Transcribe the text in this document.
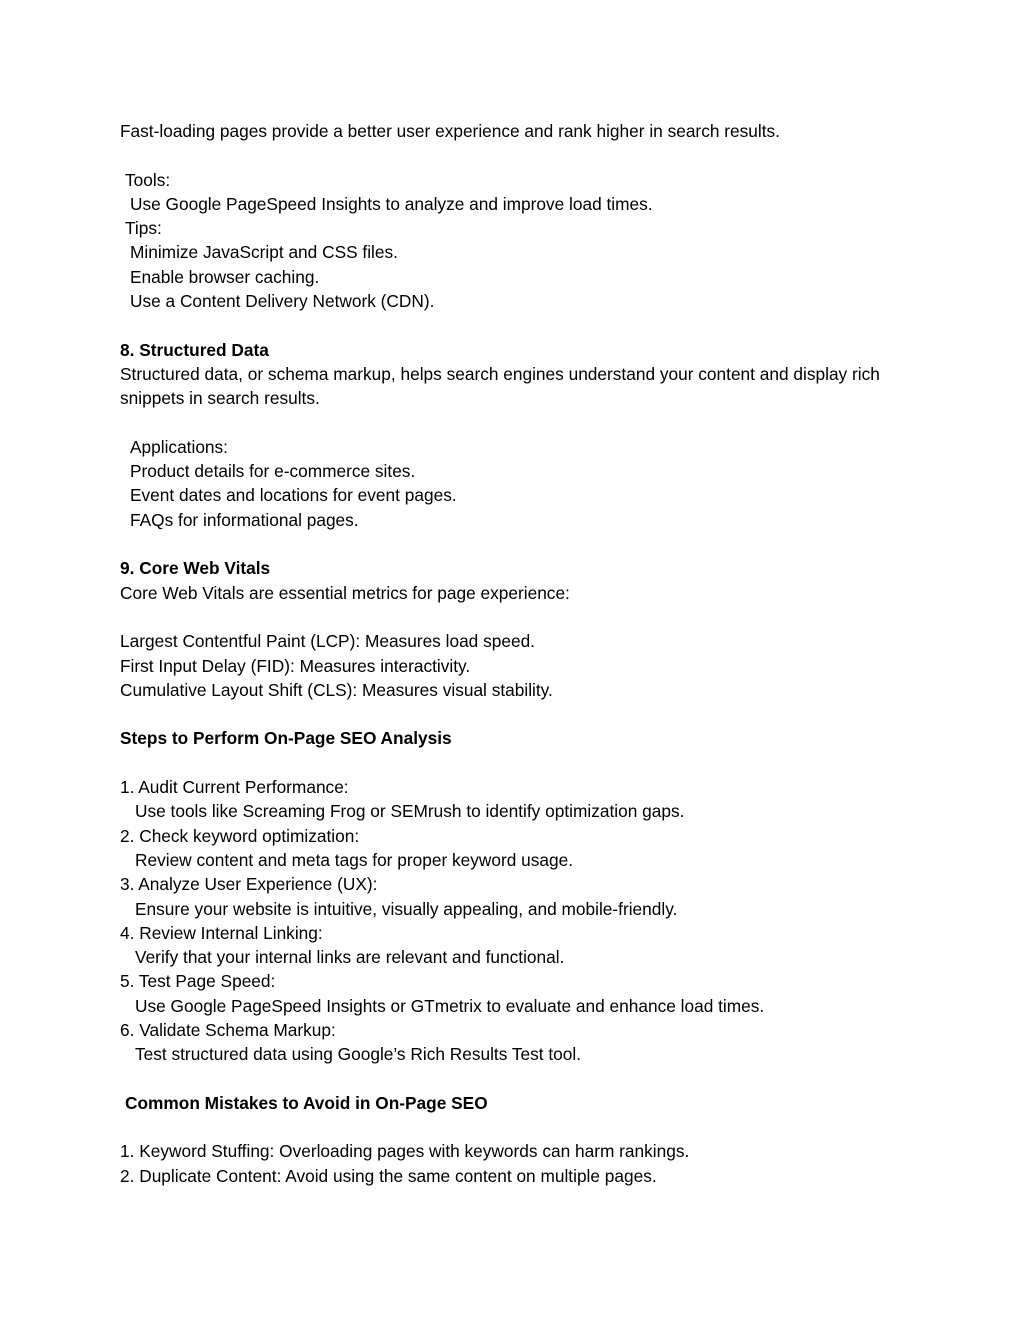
Fast-loading pages provide a better user experience and rank higher in search results.
Tools:
Use Google PageSpeed Insights to analyze and improve load times.
Tips:
Minimize JavaScript and CSS files.
Enable browser caching.
Use a Content Delivery Network (CDN).
8. Structured Data
Structured data, or schema markup, helps search engines understand your content and display rich snippets in search results.
Applications:
Product details for e-commerce sites.
Event dates and locations for event pages.
FAQs for informational pages.
9. Core Web Vitals
Core Web Vitals are essential metrics for page experience:
Largest Contentful Paint (LCP): Measures load speed.
First Input Delay (FID): Measures interactivity.
Cumulative Layout Shift (CLS): Measures visual stability.
Steps to Perform On-Page SEO Analysis
1. Audit Current Performance:
Use tools like Screaming Frog or SEMrush to identify optimization gaps.
2. Check keyword optimization:
Review content and meta tags for proper keyword usage.
3. Analyze User Experience (UX):
Ensure your website is intuitive, visually appealing, and mobile-friendly.
4. Review Internal Linking:
Verify that your internal links are relevant and functional.
5. Test Page Speed:
Use Google PageSpeed Insights or GTmetrix to evaluate and enhance load times.
6. Validate Schema Markup:
Test structured data using Google’s Rich Results Test tool.
Common Mistakes to Avoid in On-Page SEO
1. Keyword Stuffing: Overloading pages with keywords can harm rankings.
2. Duplicate Content: Avoid using the same content on multiple pages.
